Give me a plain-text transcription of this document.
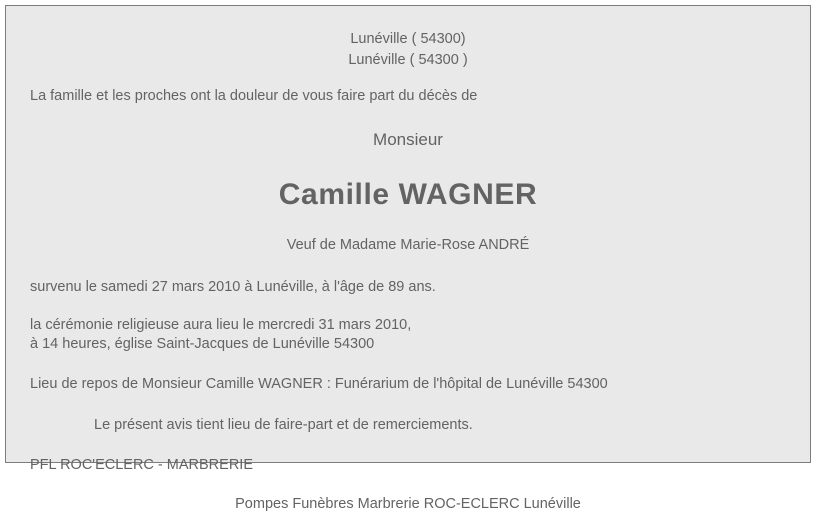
Lunéville ( 54300)
Lunéville ( 54300 )
La famille et les proches ont la douleur de vous faire part du décès de
Monsieur
Camille WAGNER
Veuf de Madame Marie-Rose ANDRÉ
survenu le samedi 27 mars 2010 à Lunéville, à l'âge de 89 ans.
la cérémonie religieuse aura lieu le mercredi 31 mars 2010,
à 14 heures, église Saint-Jacques de Lunéville 54300
Lieu de repos de Monsieur Camille WAGNER : Funérarium de l'hôpital de Lunéville 54300
Le présent avis tient lieu de faire-part et de remerciements.
PFL ROC'ECLERC - MARBRERIE
Pompes Funèbres Marbrerie ROC-ECLERC Lunéville
